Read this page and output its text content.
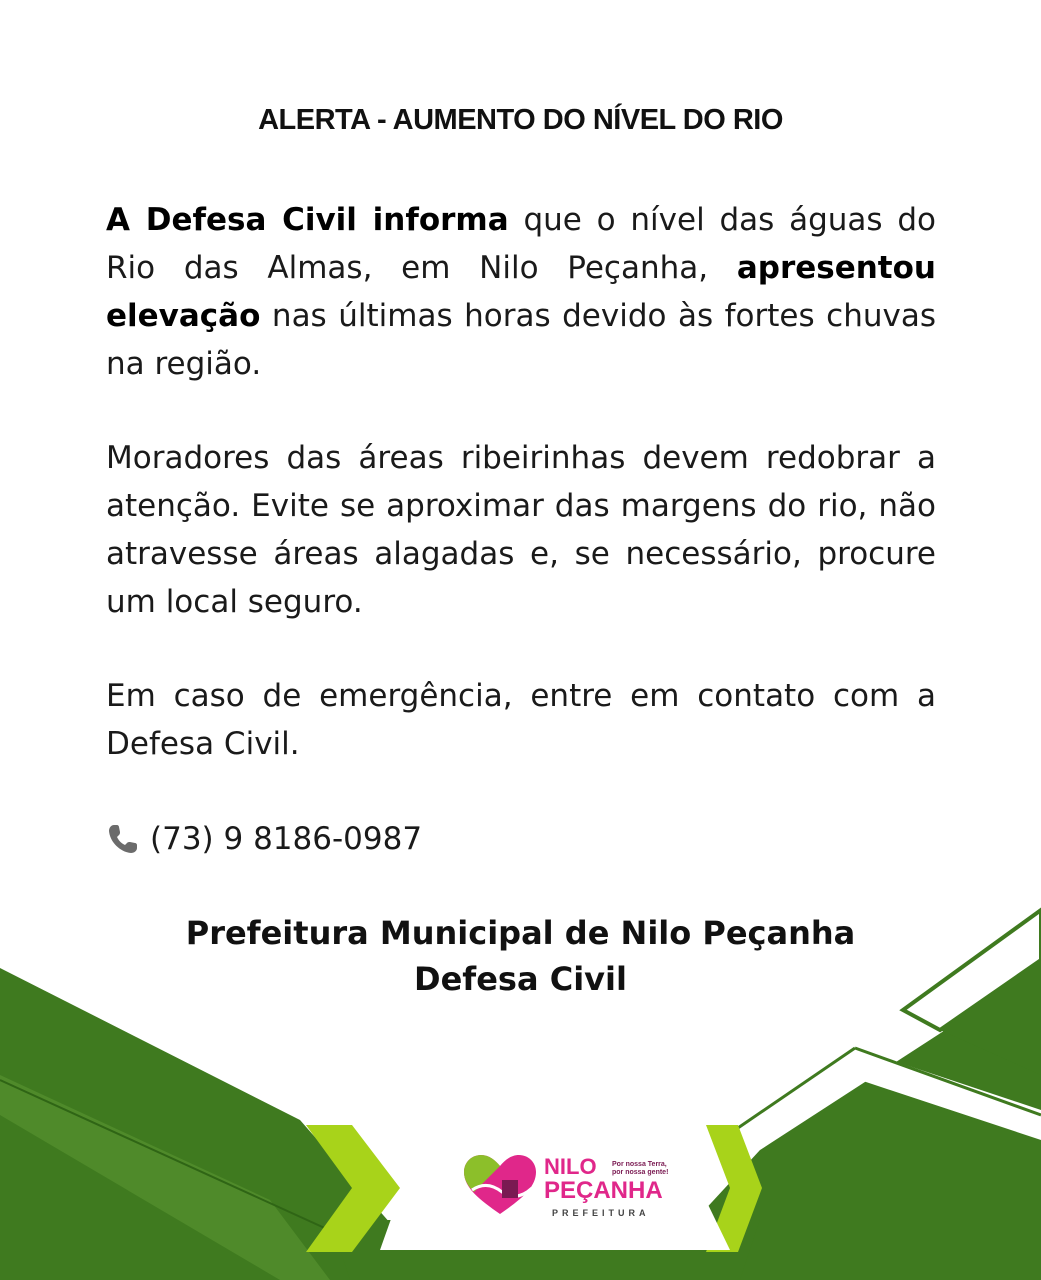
ALERTA - AUMENTO DO NÍVEL DO RIO

A Defesa Civil informa que o nível das águas do Rio das Almas, em Nilo Peçanha, apresentou elevação nas últimas horas devido às fortes chuvas na região.

Moradores das áreas ribeirinhas devem redobrar a atenção. Evite se aproximar das margens do rio, não atravesse áreas alagadas e, se necessário, procure um local seguro.

Em caso de emergência, entre em contato com a Defesa Civil.

(73) 9 8186-0987
Prefeitura Municipal de Nilo Peçanha
Defesa Civil
NILO
PEÇANHA
Por nossa Terra,
por nossa gente!
PREFEITURA
